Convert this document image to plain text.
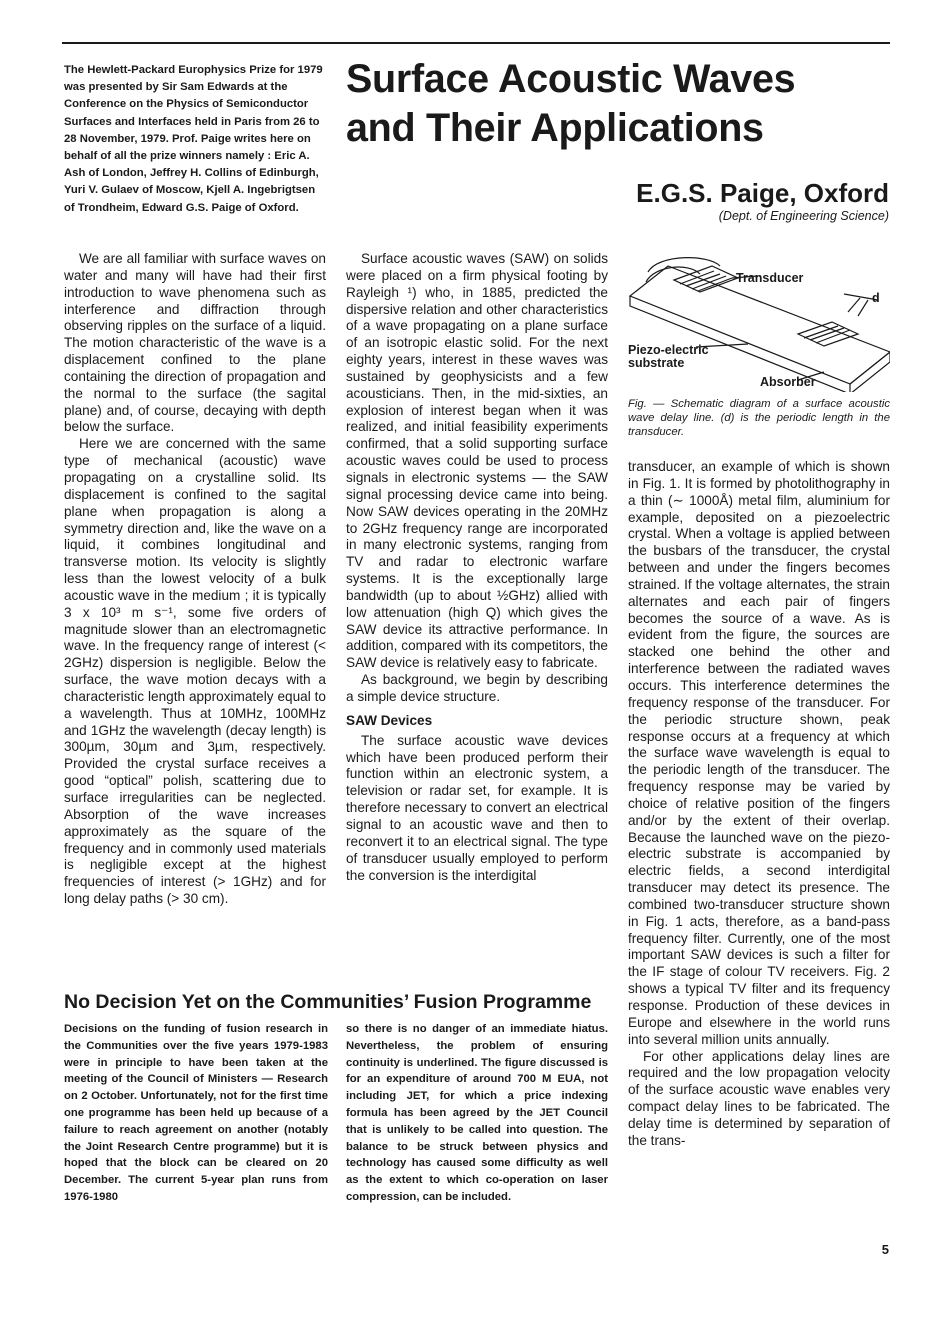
The Hewlett-Packard Europhysics Prize for 1979 was presented by Sir Sam Edwards at the Conference on the Physics of Semiconductor Surfaces and Interfaces held in Paris from 26 to 28 November, 1979. Prof. Paige writes here on behalf of all the prize winners namely : Eric A. Ash of London, Jeffrey H. Collins of Edinburgh, Yuri V. Gulaev of Moscow, Kjell A. Ingebrigtsen of Trondheim, Edward G.S. Paige of Oxford.
Surface Acoustic Waves
and Their Applications
E.G.S. Paige, Oxford
(Dept. of Engineering Science)

We are all familiar with surface waves on water and many will have had their first introduction to wave phenomena such as interference and diffraction through observing ripples on the surface of a liquid. The motion characteristic of the wave is a displacement confined to the plane containing the direction of propagation and the normal to the surface (the sagital plane) and, of course, decaying with depth below the surface.

Here we are concerned with the same type of mechanical (acoustic) wave propagating on a crystalline solid. Its displacement is confined to the sagital plane when propagation is along a symmetry direction and, like the wave on a liquid, it combines longitudinal and transverse motion. Its velocity is slightly less than the lowest velocity of a bulk acoustic wave in the medium ; it is typically 3 x 10³ m s⁻¹, some five orders of magnitude slower than an electromagnetic wave. In the frequency range of interest (< 2GHz) dispersion is negligible. Below the surface, the wave motion decays with a characteristic length approximately equal to a wavelength. Thus at 10MHz, 100MHz and 1GHz the wavelength (decay length) is 300µm, 30µm and 3µm, respectively. Provided the crystal surface receives a good “optical” polish, scattering due to surface irregularities can be neglected. Absorption of the wave increases approximately as the square of the frequency and in commonly used materials is negligible except at the highest frequencies of interest (> 1GHz) and for long delay paths (> 30 cm).

Surface acoustic waves (SAW) on solids were placed on a firm physical footing by Rayleigh ¹) who, in 1885, predicted the dispersive relation and other characteristics of a wave propagating on a plane surface of an isotropic elastic solid. For the next eighty years, interest in these waves was sustained by geophysicists and a few acousticians. Then, in the mid-sixties, an explosion of interest began when it was realized, and initial feasibility experiments confirmed, that a solid supporting surface acoustic waves could be used to process signals in electronic systems — the SAW signal processing device came into being. Now SAW devices operating in the 20MHz to 2GHz frequency range are incorporated in many electronic systems, ranging from TV and radar to electronic warfare systems. It is the exceptionally large bandwidth (up to about ½GHz) allied with low attenuation (high Q) which gives the SAW device its attractive performance. In addition, compared with its competitors, the SAW device is relatively easy to fabricate.

As background, we begin by describing a simple device structure.

SAW Devices

The surface acoustic wave devices which have been produced perform their function within an electronic system, a television or radar set, for example. It is therefore necessary to convert an electrical signal to an acoustic wave and then to reconvert it to an electrical signal. The type of transducer usually employed to perform the conversion is the interdigital

Transducer
d
Piezo-electric
substrate
Absorber
Fig. — Schematic diagram of a surface acoustic wave delay line. (d) is the periodic length in the transducer.

transducer, an example of which is shown in Fig. 1. It is formed by photolithography in a thin (∼ 1000Å) metal film, aluminium for example, deposited on a piezoelectric crystal. When a voltage is applied between the busbars of the transducer, the crystal between and under the fingers becomes strained. If the voltage alternates, the strain alternates and each pair of fingers becomes the source of a wave. As is evident from the figure, the sources are stacked one behind the other and interference between the radiated waves occurs. This interference determines the frequency response of the transducer. For the periodic structure shown, peak response occurs at a frequency at which the surface wave wavelength is equal to the periodic length of the transducer. The frequency response may be varied by choice of relative position of the fingers and/or by the extent of their overlap. Because the launched wave on the piezo-electric substrate is accompanied by electric fields, a second interdigital transducer may detect its presence. The combined two-transducer structure shown in Fig. 1 acts, therefore, as a band-pass frequency filter. Currently, one of the most important SAW devices is such a filter for the IF stage of colour TV receivers. Fig. 2 shows a typical TV filter and its frequency response. Production of these devices in Europe and elsewhere in the world runs into several million units annually.

For other applications delay lines are required and the low propagation velocity of the surface acoustic wave enables very compact delay lines to be fabricated. The delay time is determined by separation of the trans-

No Decision Yet on the Communities’ Fusion Programme
Decisions on the funding of fusion research in the Communities over the five years 1979-1983 were in principle to have been taken at the meeting of the Council of Ministers — Research on 2 October. Unfortunately, not for the first time one programme has been held up because of a failure to reach agreement on another (notably the Joint Research Centre programme) but it is hoped that the block can be cleared on 20 December. The current 5-year plan runs from 1976-1980
so there is no danger of an immediate hiatus. Nevertheless, the problem of ensuring continuity is underlined. The figure discussed is for an expenditure of around 700 M EUA, not including JET, for which a price indexing formula has been agreed by the JET Council that is unlikely to be called into question. The balance to be struck between physics and technology has caused some difficulty as well as the extent to which co-operation on laser compression, can be included.
5
